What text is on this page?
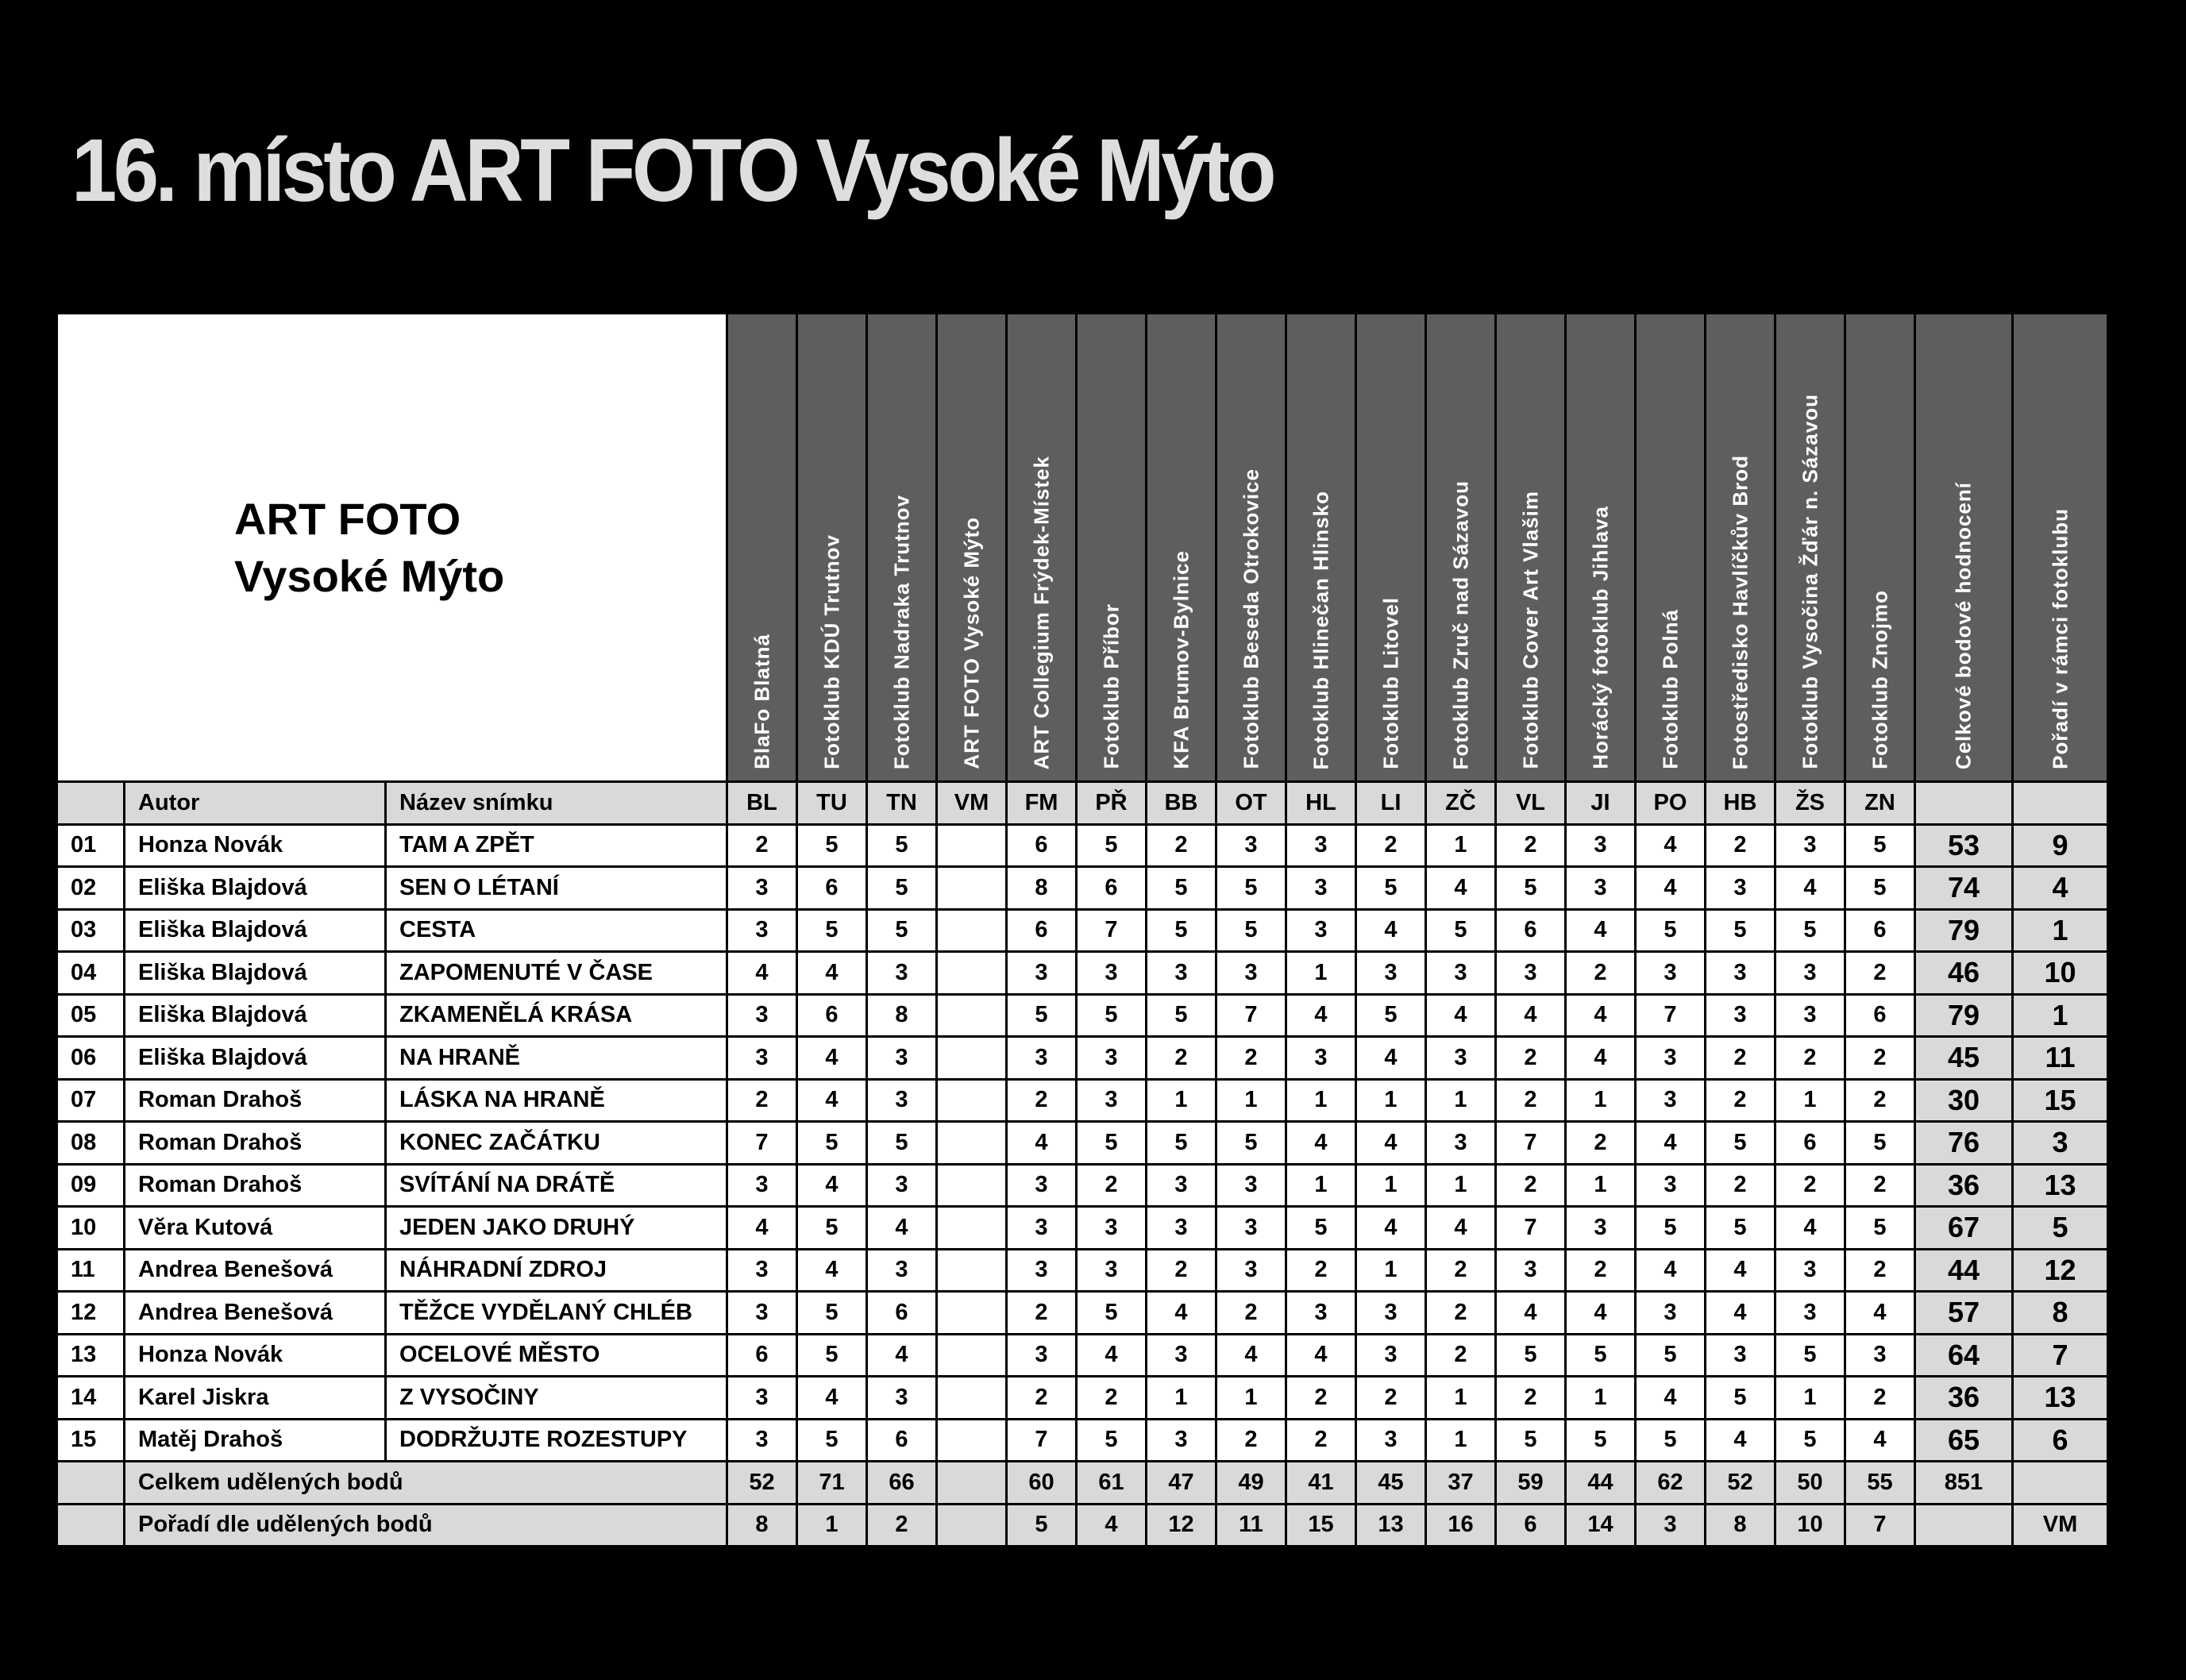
16. místo ART FOTO Vysoké Mýto
ART FOTO
Vysoké Mýto			BlaFo Blatná	Fotoklub KDÚ Trutnov	Fotoklub Nadraka Trutnov	ART FOTO Vysoké Mýto	ART Collegium Frýdek-Místek	Fotoklub Příbor	KFA Brumov-Bylnice	Fotoklub Beseda Otrokovice	Fotoklub Hlinečan Hlinsko	Fotoklub Litovel	Fotoklub Zruč nad Sázavou	Fotoklub Cover Art Vlašim	Horácký fotoklub Jihlava	Fotoklub Polná	Fotostředisko Havlíčkův Brod	Fotoklub Vysočina Žďár n. Sázavou	Fotoklub Znojmo	Celkové bodové hodnocení	Pořadí v rámci fotoklubu

	Autor	Název snímku	BL	TU	TN	VM	FM	PŘ	BB	OT	HL	LI	ZČ	VL	JI	PO	HB	ŽS	ZN		
01	Honza Novák	TAM A ZPĚT	2	5	5		6	5	2	3	3	2	1	2	3	4	2	3	5	53	9
02	Eliška Blajdová	SEN O LÉTANÍ	3	6	5		8	6	5	5	3	5	4	5	3	4	3	4	5	74	4
03	Eliška Blajdová	CESTA	3	5	5		6	7	5	5	3	4	5	6	4	5	5	5	6	79	1
04	Eliška Blajdová	ZAPOMENUTÉ V ČASE	4	4	3		3	3	3	3	1	3	3	3	2	3	3	3	2	46	10
05	Eliška Blajdová	ZKAMENĚLÁ KRÁSA	3	6	8		5	5	5	7	4	5	4	4	4	7	3	3	6	79	1
06	Eliška Blajdová	NA HRANĚ	3	4	3		3	3	2	2	3	4	3	2	4	3	2	2	2	45	11
07	Roman Drahoš	LÁSKA NA HRANĚ	2	4	3		2	3	1	1	1	1	1	2	1	3	2	1	2	30	15
08	Roman Drahoš	KONEC ZAČÁTKU	7	5	5		4	5	5	5	4	4	3	7	2	4	5	6	5	76	3
09	Roman Drahoš	SVÍTÁNÍ NA DRÁTĚ	3	4	3		3	2	3	3	1	1	1	2	1	3	2	2	2	36	13
10	Věra Kutová	JEDEN JAKO DRUHÝ	4	5	4		3	3	3	3	5	4	4	7	3	5	5	4	5	67	5
11	Andrea Benešová	NÁHRADNÍ ZDROJ	3	4	3		3	3	2	3	2	1	2	3	2	4	4	3	2	44	12
12	Andrea Benešová	TĚŽCE VYDĚLANÝ CHLÉB	3	5	6		2	5	4	2	3	3	2	4	4	3	4	3	4	57	8
13	Honza Novák	OCELOVÉ MĚSTO	6	5	4		3	4	3	4	4	3	2	5	5	5	3	5	3	64	7
14	Karel Jiskra	Z VYSOČINY	3	4	3		2	2	1	1	2	2	1	2	1	4	5	1	2	36	13
15	Matěj Drahoš	DODRŽUJTE ROZESTUPY	3	5	6		7	5	3	2	2	3	1	5	5	5	4	5	4	65	6
	Celkem udělených bodů		52	71	66		60	61	47	49	41	45	37	59	44	62	52	50	55	851	
	Pořadí dle udělených bodů		8	1	2		5	4	12	11	15	13	16	6	14	3	8	10	7		VM
